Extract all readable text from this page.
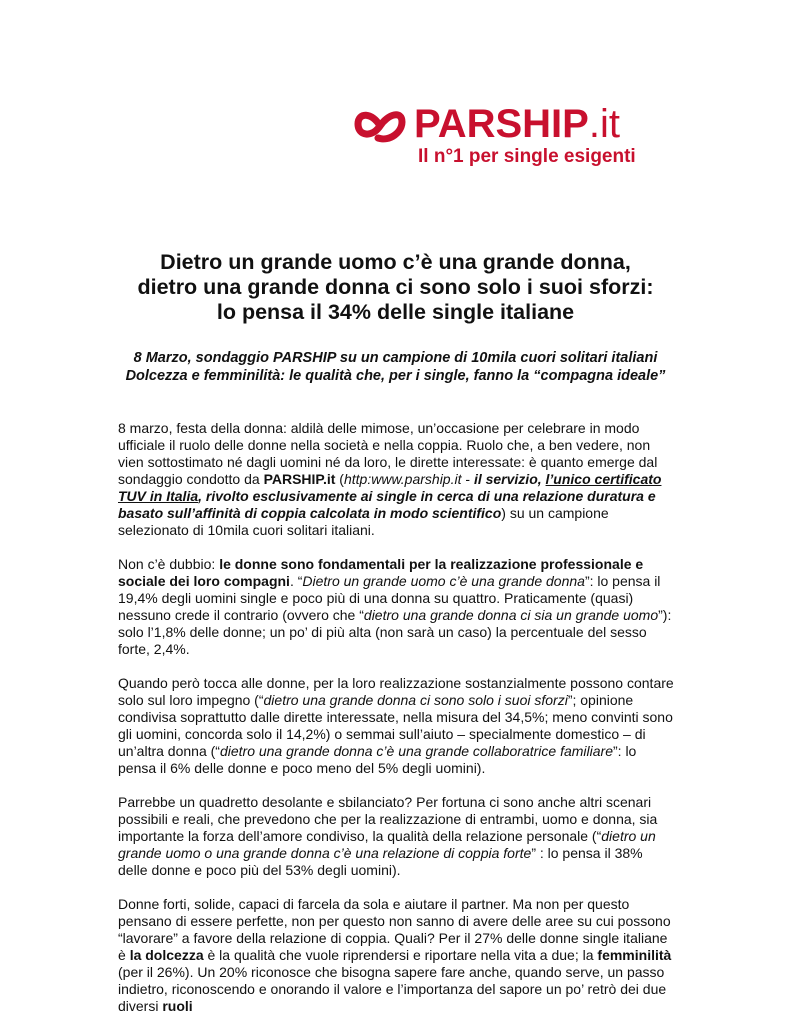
PARSHIP.it
Il n°1 per single esigenti
Dietro un grande uomo c’è una grande donna,
dietro una grande donna ci sono solo i suoi sforzi:
lo pensa il 34% delle single italiane
8 Marzo, sondaggio PARSHIP su un campione di 10mila cuori solitari italiani
Dolcezza e femminilità: le qualità che, per i single, fanno la “compagna ideale”

8 marzo, festa della donna: aldilà delle mimose, un’occasione per celebrare in modo ufficiale il ruolo delle donne nella società e nella coppia. Ruolo che, a ben vedere, non vien sottostimato né dagli uomini né da loro, le dirette interessate: è quanto emerge dal sondaggio condotto da PARSHIP.it (http:www.parship.it - il servizio, l’unico certificato TUV in Italia, rivolto esclusivamente ai single in cerca di una relazione duratura e basato sull’affinità di coppia calcolata in modo scientifico) su un campione selezionato di 10mila cuori solitari italiani.

Non c’è dubbio: le donne sono fondamentali per la realizzazione professionale e sociale dei loro compagni. “Dietro un grande uomo c’è una grande donna”: lo pensa il 19,4% degli uomini single e poco più di una donna su quattro. Praticamente (quasi) nessuno crede il contrario (ovvero che “dietro una grande donna ci sia un grande uomo”): solo l’1,8% delle donne; un po’ di più alta (non sarà un caso) la percentuale del sesso forte, 2,4%.

Quando però tocca alle donne, per la loro realizzazione sostanzialmente possono contare solo sul loro impegno (“dietro una grande donna ci sono solo i suoi sforzi”; opinione condivisa soprattutto dalle dirette interessate, nella misura del 34,5%; meno convinti sono gli uomini, concorda solo il 14,2%) o semmai sull’aiuto – specialmente domestico – di un’altra donna (“dietro una grande donna c’è una grande collaboratrice familiare”: lo pensa il 6% delle donne e poco meno del 5% degli uomini).

Parrebbe un quadretto desolante e sbilanciato? Per fortuna ci sono anche altri scenari possibili e reali, che prevedono che per la realizzazione di entrambi, uomo e donna, sia importante la forza dell’amore condiviso, la qualità della relazione personale (“dietro un grande uomo o una grande donna c’è una relazione di coppia forte” : lo pensa il 38% delle donne e poco più del 53% degli uomini).

Donne forti, solide, capaci di farcela da sola e aiutare il partner. Ma non per questo pensano di essere perfette, non per questo non sanno di avere delle aree su cui possono “lavorare” a favore della relazione di coppia. Quali? Per il 27% delle donne single italiane è la dolcezza è la qualità che vuole riprendersi e riportare nella vita a due; la femminilità (per il 26%). Un 20% riconosce che bisogna sapere fare anche, quando serve, un passo indietro, riconoscendo e onorando il valore e l’importanza del sapore un po’ retrò dei due diversi ruoli
